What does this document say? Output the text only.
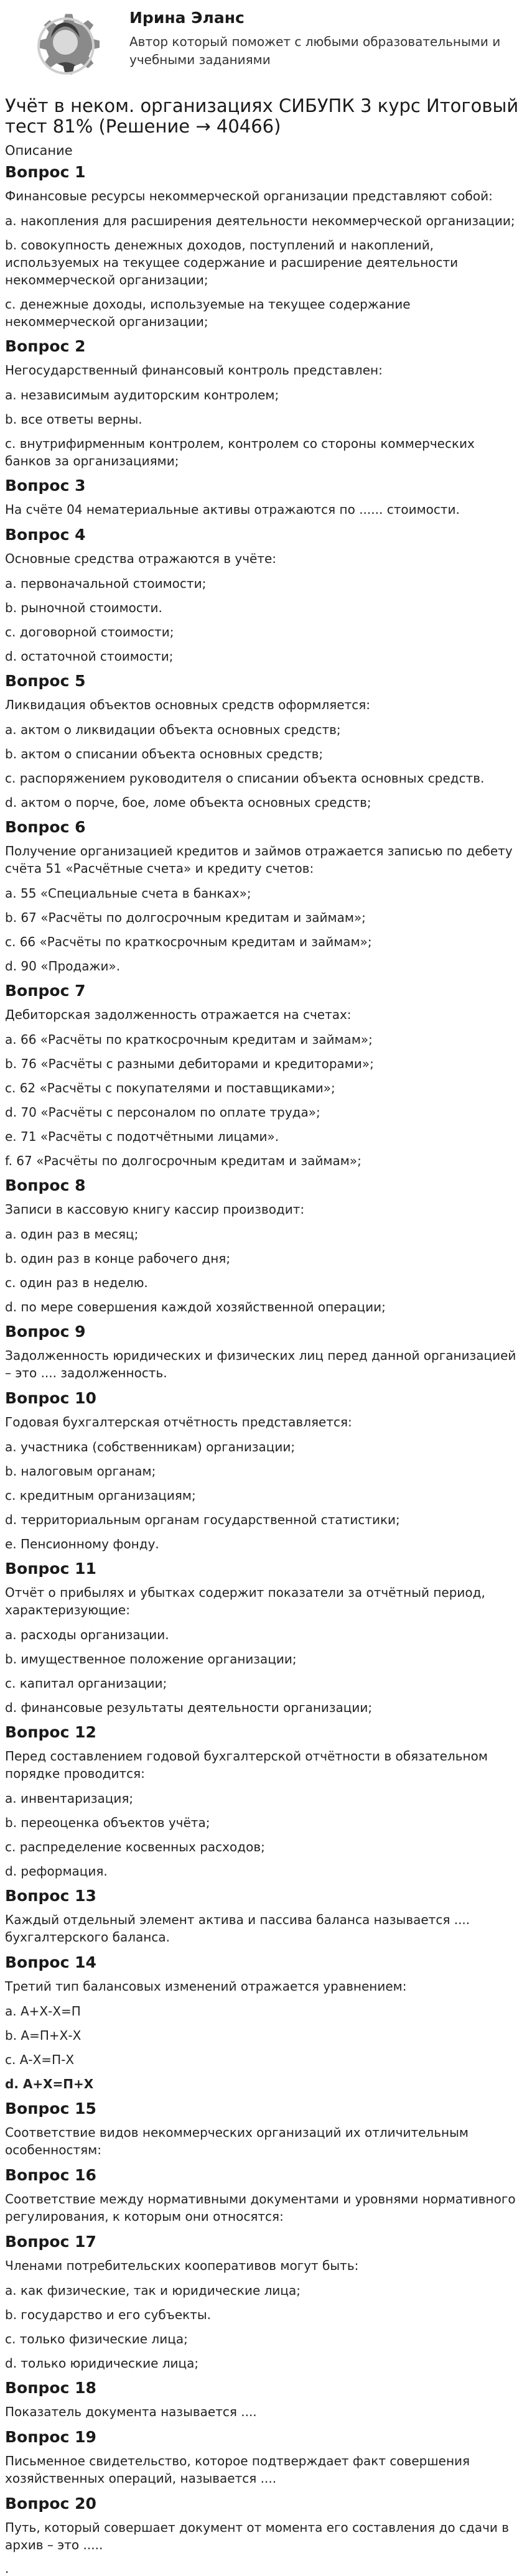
Ирина Эланс

Автор который поможет с любыми образовательными и учебными заданиями

Учёт в неком. организациях СИБУПК 3 курс Итоговый тест 81% (Решение → 40466)
Описание
Вопрос 1

Финансовые ресурсы некоммерческой организации представляют собой:

a. накопления для расширения деятельности некоммерческой организации;

b. совокупность денежных доходов, поступлений и накоплений, используемых на текущее содержание и расширение деятельности некоммерческой организации;

c. денежные доходы, используемые на текущее содержание некоммерческой организации;

Вопрос 2

Негосударственный финансовый контроль представлен:

a. независимым аудиторским контролем;

b. все ответы верны.

c. внутрифирменным контролем, контролем со стороны коммерческих банков за организациями;

Вопрос 3

На счёте 04 нематериальные активы отражаются по ...... стоимости.

Вопрос 4

Основные средства отражаются в учёте:

a. первоначальной стоимости;

b. рыночной стоимости.

c. договорной стоимости;

d. остаточной стоимости;

Вопрос 5

Ликвидация объектов основных средств оформляется:

a. актом о ликвидации объекта основных средств;

b. актом о списании объекта основных средств;

c. распоряжением руководителя о списании объекта основных средств.

d. актом о порче, бое, ломе объекта основных средств;

Вопрос 6

Получение организацией кредитов и займов отражается записью по дебету счёта 51 «Расчётные счета» и кредиту счетов:

a. 55 «Специальные счета в банках»;

b. 67 «Расчёты по долгосрочным кредитам и займам»;

c. 66 «Расчёты по краткосрочным кредитам и займам»;

d. 90 «Продажи».

Вопрос 7

Дебиторская задолженность отражается на счетах:

a. 66 «Расчёты по краткосрочным кредитам и займам»;

b. 76 «Расчёты с разными дебиторами и кредиторами»;

c. 62 «Расчёты с покупателями и поставщиками»;

d. 70 «Расчёты с персоналом по оплате труда»;

e. 71 «Расчёты с подотчётными лицами».

f. 67 «Расчёты по долгосрочным кредитам и займам»;

Вопрос 8

Записи в кассовую книгу кассир производит:

a. один раз в месяц;

b. один раз в конце рабочего дня;

c. один раз в неделю.

d. по мере совершения каждой хозяйственной операции;

Вопрос 9

Задолженность юридических и физических лиц перед данной организацией – это .... задолженность.

Вопрос 10

Годовая бухгалтерская отчётность представляется:

a. участника (собственникам) организации;

b. налоговым органам;

c. кредитным организациям;

d. территориальным органам государственной статистики;

e. Пенсионному фонду.

Вопрос 11

Отчёт о прибылях и убытках содержит показатели за отчётный период, характеризующие:

a. расходы организации.

b. имущественное положение организации;

c. капитал организации;

d. финансовые результаты деятельности организации;

Вопрос 12

Перед составлением годовой бухгалтерской отчётности в обязательном порядке проводится:

a. инвентаризация;

b. переоценка объектов учёта;

c. распределение косвенных расходов;

d. реформация.

Вопрос 13

Каждый отдельный элемент актива и пассива баланса называется .... бухгалтерского баланса.

Вопрос 14

Третий тип балансовых изменений отражается уравнением:

a. А+Х-Х=П

b. А=П+Х-Х

c. А-Х=П-Х

d. А+Х=П+Х

Вопрос 15

Соответствие видов некоммерческих организаций их отличительным особенностям:

Вопрос 16

Соответствие между нормативными документами и уровнями нормативного регулирования, к которым они относятся:

Вопрос 17

Членами потребительских кооперативов могут быть:

a. как физические, так и юридические лица;

b. государство и его субъекты.

c. только физические лица;

d. только юридические лица;

Вопрос 18

Показатель документа называется ....

Вопрос 19

Письменное свидетельство, которое подтверждает факт совершения хозяйственных операций, называется ....

Вопрос 20

Путь, который совершает документ от момента его составления до сдачи в архив – это .....

.
